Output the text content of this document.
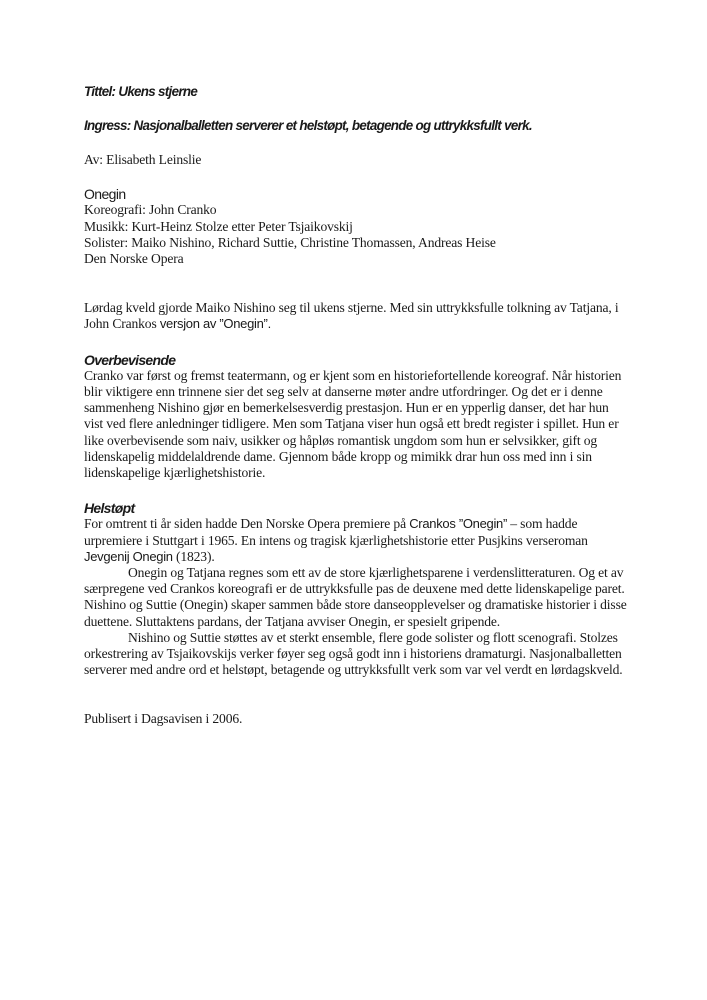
Tittel: Ukens stjerne
Ingress: Nasjonalballetten serverer et helstøpt, betagende og uttrykksfullt verk.
Av: Elisabeth Leinslie
Onegin
Koreografi: John Cranko
Musikk: Kurt-Heinz Stolze etter Peter Tsjaikovskij
Solister: Maiko Nishino, Richard Suttie, Christine Thomassen, Andreas Heise
Den Norske Opera

Lørdag kveld gjorde Maiko Nishino seg til ukens stjerne. Med sin uttrykksfulle tolkning av Tatjana, i John Crankos versjon av ”Onegin”.

Overbevisende

Cranko var først og fremst teatermann, og er kjent som en historiefortellende koreograf. Når historien blir viktigere enn trinnene sier det seg selv at danserne møter andre utfordringer. Og det er i denne sammenheng Nishino gjør en bemerkelsesverdig prestasjon. Hun er en ypperlig danser, det har hun vist ved flere anledninger tidligere. Men som Tatjana viser hun også ett bredt register i spillet. Hun er like overbevisende som naiv, usikker og håpløs romantisk ungdom som hun er selvsikker, gift og lidenskapelig middelaldrende dame. Gjennom både kropp og mimikk drar hun oss med inn i sin lidenskapelige kjærlighetshistorie.

Helstøpt

For omtrent ti år siden hadde Den Norske Opera premiere på Crankos ”Onegin” – som hadde urpremiere i Stuttgart i 1965. En intens og tragisk kjærlighetshistorie etter Pusjkins verseroman Jevgenij Onegin (1823).

Onegin og Tatjana regnes som ett av de store kjærlighetsparene i verdenslitteraturen. Og et av særpregene ved Crankos koreografi er de uttrykksfulle pas de deuxene med dette lidenskapelige paret. Nishino og Suttie (Onegin) skaper sammen både store danseopplevelser og dramatiske historier i disse duettene. Sluttaktens pardans, der Tatjana avviser Onegin, er spesielt gripende.

Nishino og Suttie støttes av et sterkt ensemble, flere gode solister og flott scenografi. Stolzes orkestrering av Tsjaikovskijs verker føyer seg også godt inn i historiens dramaturgi. Nasjonalballetten serverer med andre ord et helstøpt, betagende og uttrykksfullt verk som var vel verdt en lørdagskveld.

Publisert i Dagsavisen i 2006.
